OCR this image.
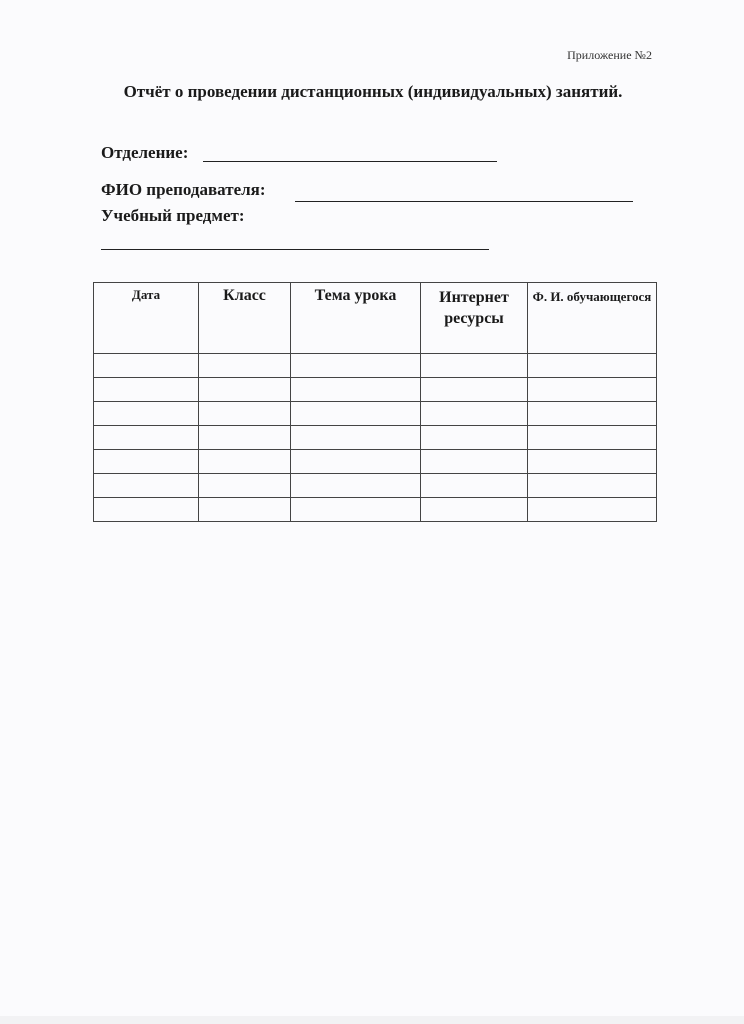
Приложение №2
Отчёт о проведении дистанционных (индивидуальных) занятий.
Отделение:
ФИО преподавателя:
Учебный предмет:
Дата	Класс	Тема урока	Интернет ресурсы	Ф. И. обучающегося
